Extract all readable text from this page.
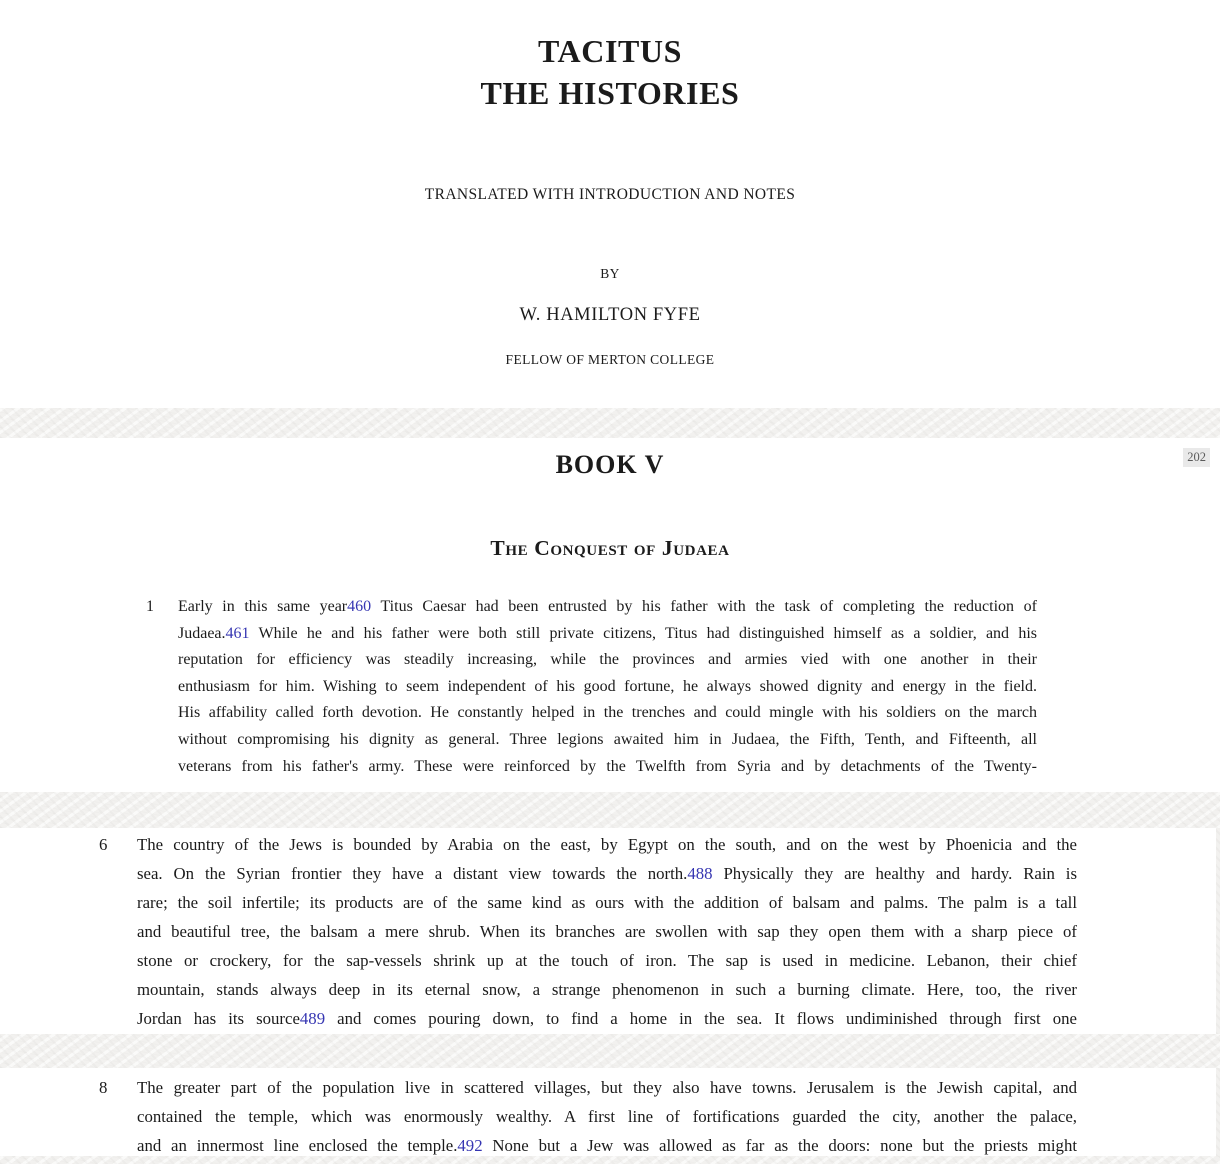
TACITUS
THE HISTORIES
TRANSLATED WITH INTRODUCTION AND NOTES
BY
W. HAMILTON FYFE
FELLOW OF MERTON COLLEGE
202
BOOK V
The Conquest of Judaea
1	Early in this same year460 Titus Caesar had been entrusted by his father with the task of completing the reduction of
Judaea.461 While he and his father were both still private citizens, Titus had distinguished himself as a soldier, and his
reputation for efficiency was steadily increasing, while the provinces and armies vied with one another in their
enthusiasm for him. Wishing to seem independent of his good fortune, he always showed dignity and energy in the field.
His affability called forth devotion. He constantly helped in the trenches and could mingle with his soldiers on the march
without compromising his dignity as general. Three legions awaited him in Judaea, the Fifth, Tenth, and Fifteenth, all
veterans from his father's army. These were reinforced by the Twelfth from Syria and by detachments of the Twenty-
6	The country of the Jews is bounded by Arabia on the east, by Egypt on the south, and on the west by Phoenicia and the
sea. On the Syrian frontier they have a distant view towards the north.488 Physically they are healthy and hardy. Rain is
rare; the soil infertile; its products are of the same kind as ours with the addition of balsam and palms. The palm is a tall
and beautiful tree, the balsam a mere shrub. When its branches are swollen with sap they open them with a sharp piece of
stone or crockery, for the sap-vessels shrink up at the touch of iron. The sap is used in medicine. Lebanon, their chief
mountain, stands always deep in its eternal snow, a strange phenomenon in such a burning climate. Here, too, the river
Jordan has its source489 and comes pouring down, to find a home in the sea. It flows undiminished through first one
8	The greater part of the population live in scattered villages, but they also have towns. Jerusalem is the Jewish capital, and
contained the temple, which was enormously wealthy. A first line of fortifications guarded the city, another the palace,
and an innermost line enclosed the temple.492 None but a Jew was allowed as far as the doors: none but the priests might
